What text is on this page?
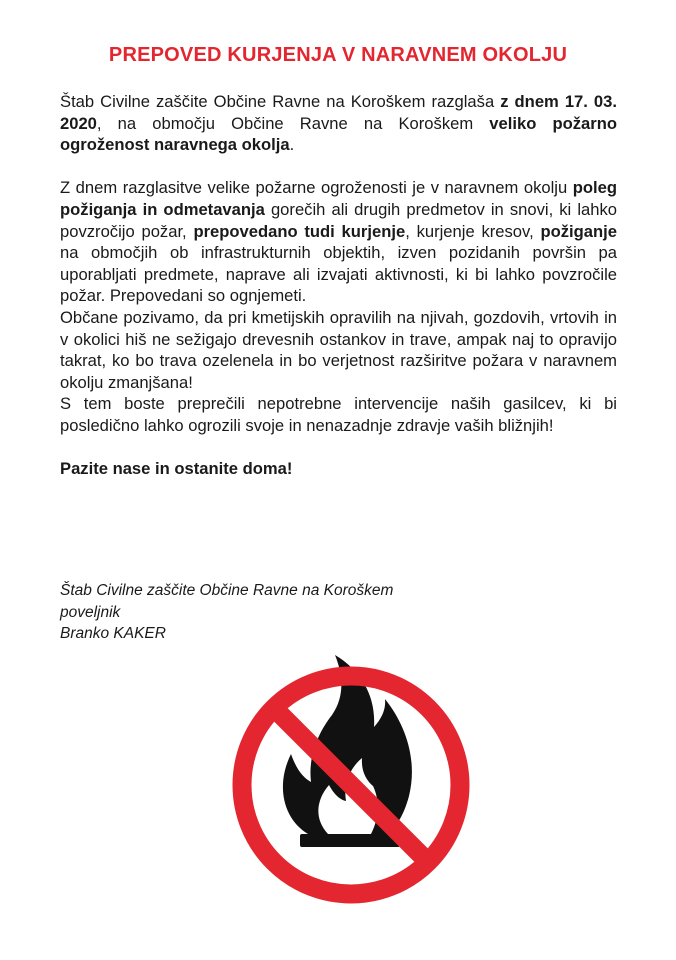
PREPOVED KURJENJA V NARAVNEM OKOLJU

Štab Civilne zaščite Občine Ravne na Koroškem razglaša z dnem 17. 03. 2020, na območju Občine Ravne na Koroškem veliko požarno ogroženost naravnega okolja.

Z dnem razglasitve velike požarne ogroženosti je v naravnem okolju poleg požiganja in odmetavanja gorečih ali drugih predmetov in snovi, ki lahko povzročijo požar, prepovedano tudi kurjenje, kurjenje kresov, požiganje na območjih ob infrastrukturnih objektih, izven pozidanih površin pa uporabljati predmete, naprave ali izvajati aktivnosti, ki bi lahko povzročile požar. Prepovedani so ognjemeti.

Občane pozivamo, da pri kmetijskih opravilih na njivah, gozdovih, vrtovih in v okolici hiš ne sežigajo drevesnih ostankov in trave, ampak naj to opravijo takrat, ko bo trava ozelenela in bo verjetnost razširitve požara v naravnem okolju zmanjšana!

S tem boste preprečili nepotrebne intervencije naših gasilcev, ki bi posledično lahko ogrozili svoje in nenazadnje zdravje vaših bližnjih!

Pazite nase in ostanite doma!

Štab Civilne zaščite Občine Ravne na Koroškem
poveljnik
Branko KAKER
